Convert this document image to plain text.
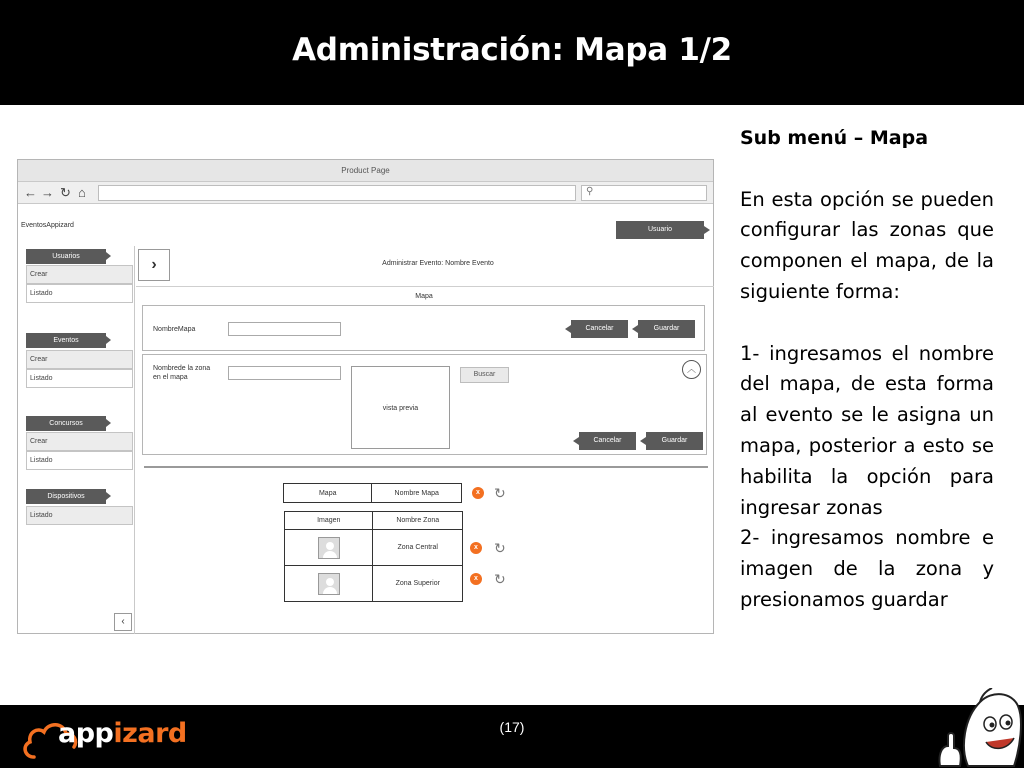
Administración: Mapa 1/2
Product Page
← → ↻ ⌂	⚲
EventosAppizard
Usuario
Usuarios
Crear
Listado
Eventos
Crear
Listado
Concursos
Crear
Listado
Dispositivos
Listado
‹
›	Administrar Evento: Nombre Evento
Mapa
NombreMapa	Cancelar	Guardar
Nombrede la zona
en el mapa	Buscar
︿
Cancelar	Guardar
vista previa
Mapa	Nombre Mapa	x ↻
Imagen	Nombre Zona

	Zona Central

	Zona Superior
x ↻
x ↻
Sub menú – Mapa
En esta opción se pueden configurar las zonas que componen el mapa, de la siguiente forma:
1- ingresamos el nombre del mapa, de esta forma al evento se le asigna un mapa, posterior a esto se habilita la opción para ingresar zonas
2- ingresamos nombre e imagen de la zona y presionamos guardar
(17)
appizard
